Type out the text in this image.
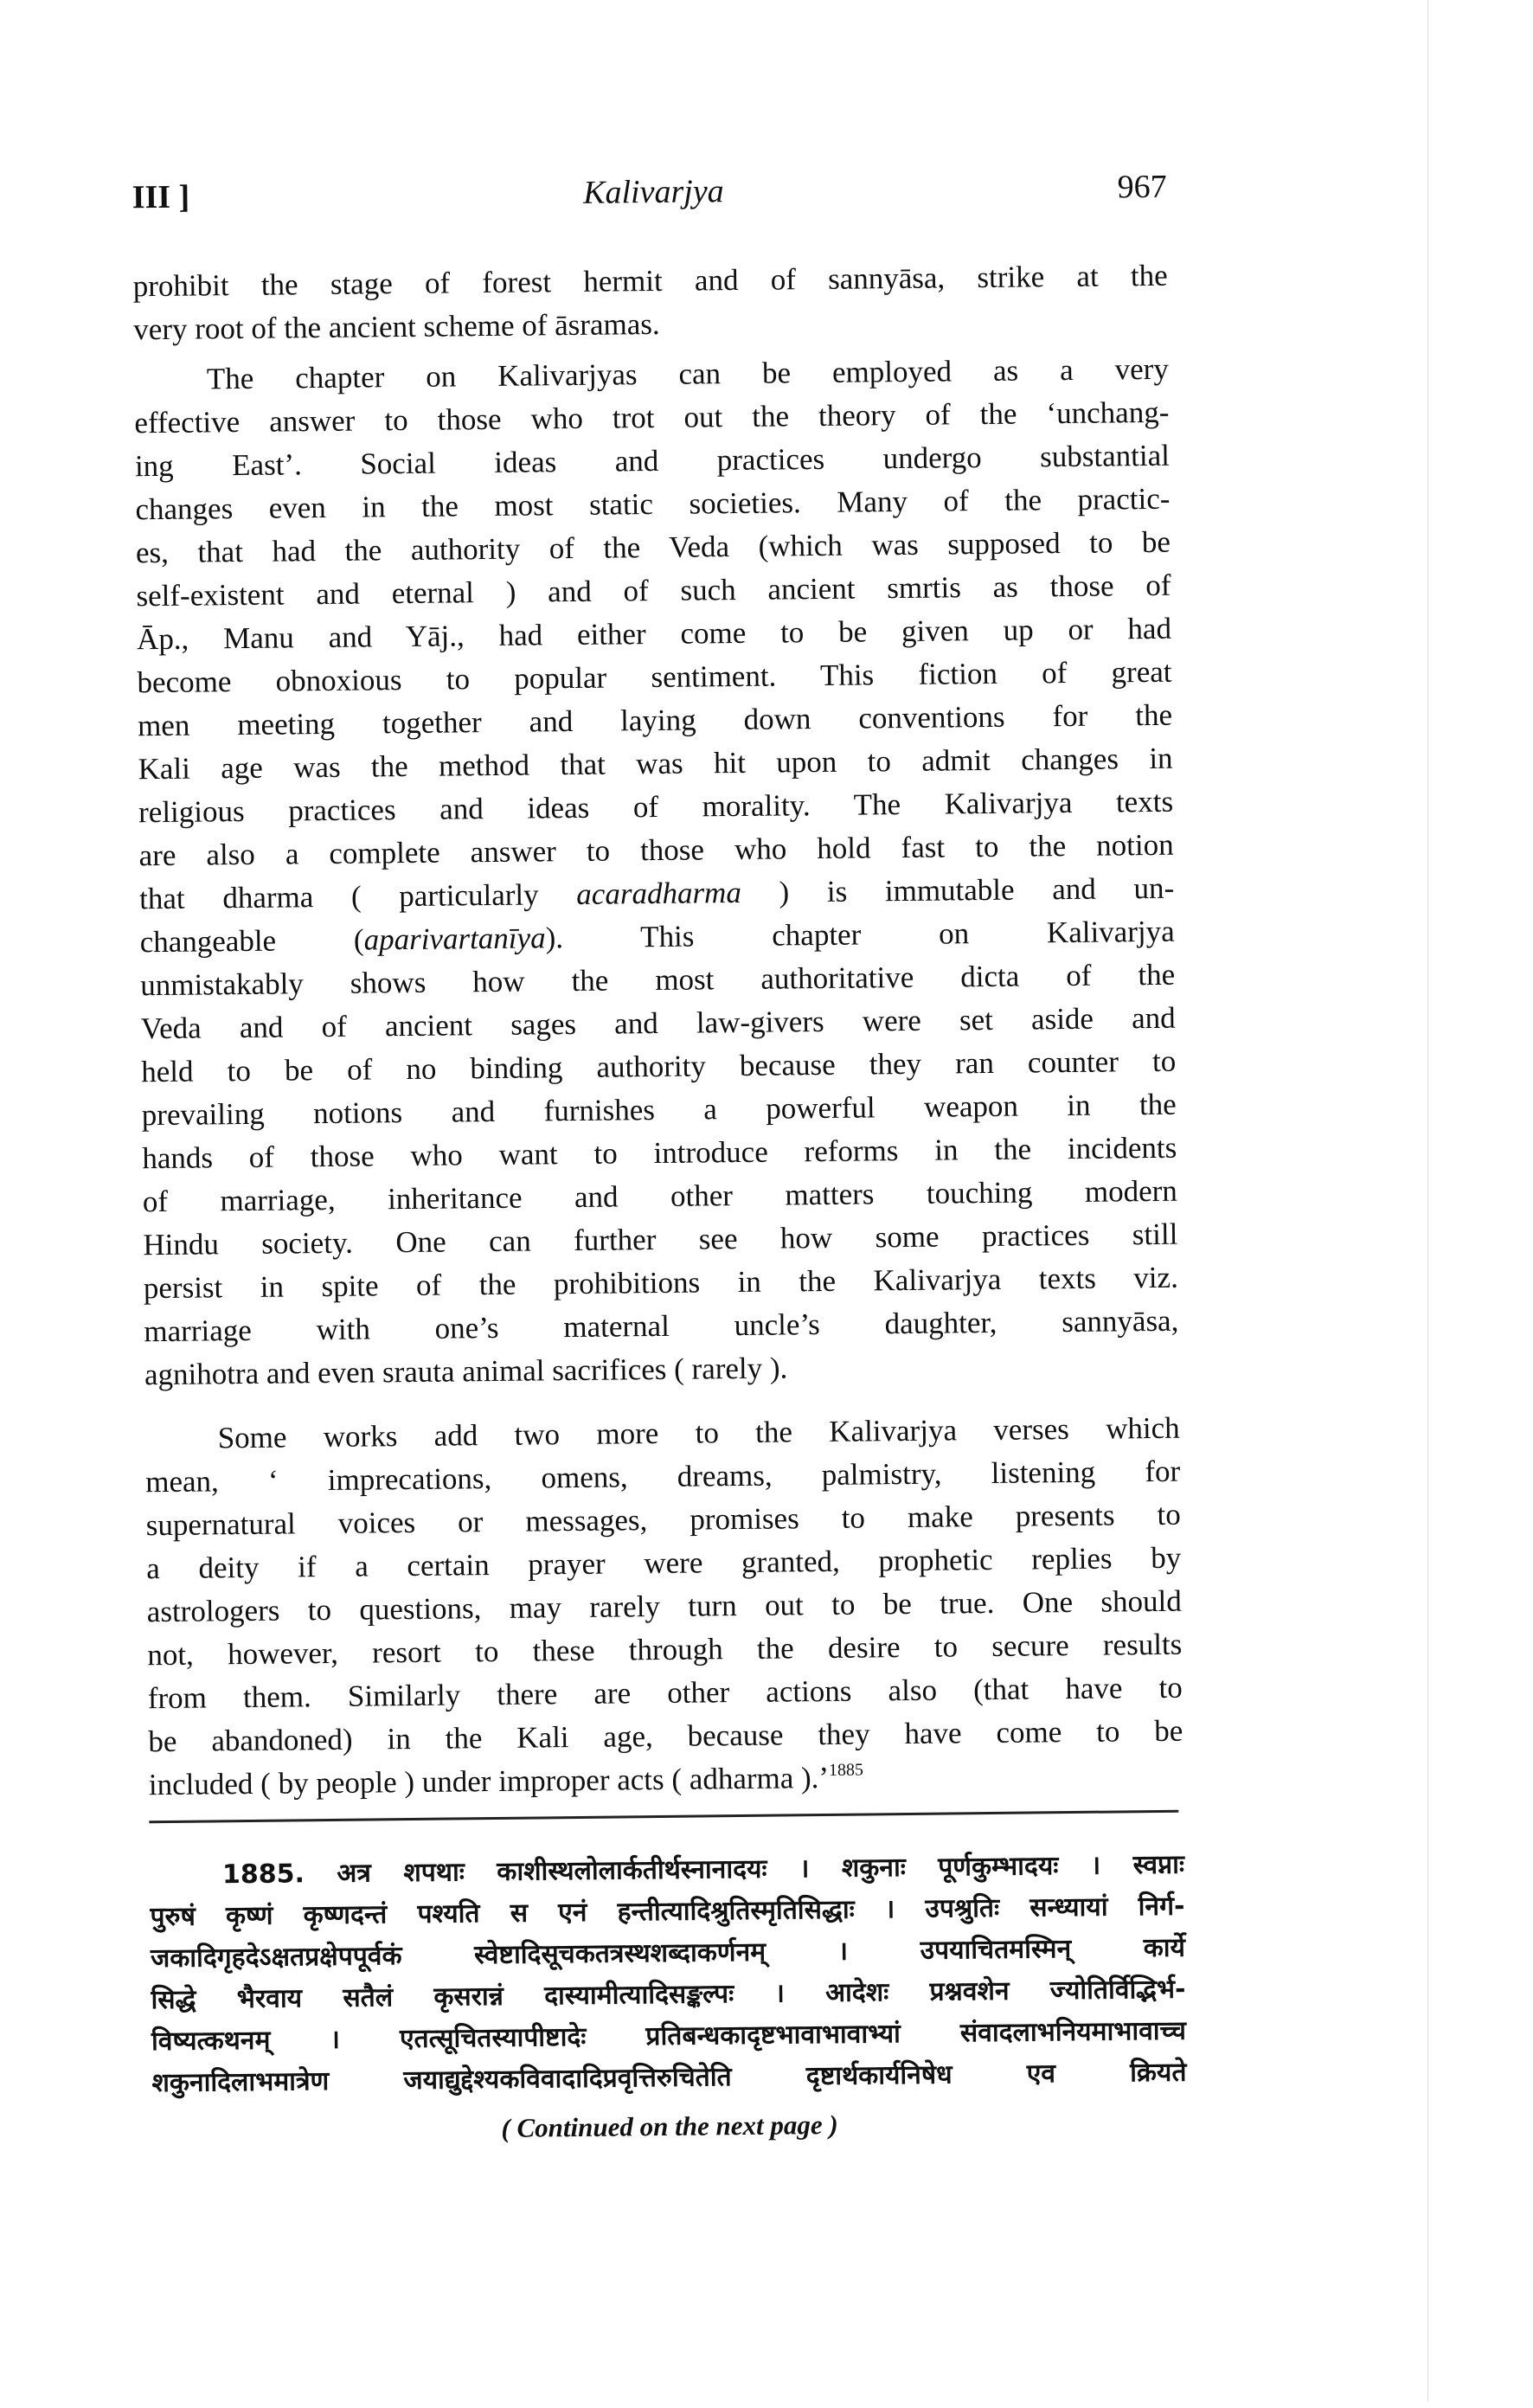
III ]	Kalivarjya	967
prohibit the stage of forest hermit and of sannyāsa, strike at the
very root of the ancient scheme of āsramas.
The chapter on Kalivarjyas can be employed as a very
effective answer to those who trot out the theory of the ‘unchang-
ing East’. Social ideas and practices undergo substantial
changes even in the most static societies. Many of the practic-
es, that had the authority of the Veda (which was supposed to be
self-existent and eternal ) and of such ancient smrtis as those of
Āp., Manu and Yāj., had either come to be given up or had
become obnoxious to popular sentiment. This fiction of great
men meeting together and laying down conventions for the
Kali age was the method that was hit upon to admit changes in
religious practices and ideas of morality. The Kalivarjya texts
are also a complete answer to those who hold fast to the notion
that dharma ( particularly acaradharma ) is immutable and un-
changeable (aparivartanīya). This chapter on Kalivarjya
unmistakably shows how the most authoritative dicta of the
Veda and of ancient sages and law-givers were set aside and
held to be of no binding authority because they ran counter to
prevailing notions and furnishes a powerful weapon in the
hands of those who want to introduce reforms in the incidents
of marriage, inheritance and other matters touching modern
Hindu society. One can further see how some practices still
persist in spite of the prohibitions in the Kalivarjya texts viz.
marriage with one’s maternal uncle’s daughter, sannyāsa,
agnihotra and even srauta animal sacrifices ( rarely ).
Some works add two more to the Kalivarjya verses which
mean, ‘ imprecations, omens, dreams, palmistry, listening for
supernatural voices or messages, promises to make presents to
a deity if a certain prayer were granted, prophetic replies by
astrologers to questions, may rarely turn out to be true. One should
not, however, resort to these through the desire to secure results
from them. Similarly there are other actions also (that have to
be abandoned) in the Kali age, because they have come to be
included ( by people ) under improper acts ( adharma ).’$^{1885}$
1885. अत्र शपथाः काशीस्थलोलार्कतीर्थस्नानादयः । शकुनाः पूर्णकुम्भादयः । स्वप्नाः
पुरुषं कृष्णं कृष्णदन्तं पश्यति स एनं हन्तीत्यादिश्रुतिस्मृतिसिद्धाः । उपश्रुतिः सन्ध्यायां निर्ग-
जकादिगृहदेऽक्षतप्रक्षेपपूर्वकं स्वेष्टादिसूचकतत्रस्थशब्दाकर्णनम् । उपयाचितमस्मिन् कार्ये
सिद्धे भैरवाय सतैलं कृसरान्नं दास्यामीत्यादिसङ्कल्पः । आदेशः प्रश्नवशेन ज्योतिर्विद्भिर्भ-
विष्यत्कथनम् । एतत्सूचितस्यापीष्टादेः प्रतिबन्धकादृष्टभावाभावाभ्यां संवादलाभनियमाभावाच्च
शकुनादिलाभमात्रेण जयाद्युद्देश्यकविवादादिप्रवृत्तिरुचितेति दृष्टार्थकार्यनिषेध एव क्रियते
( Continued on the next page )
